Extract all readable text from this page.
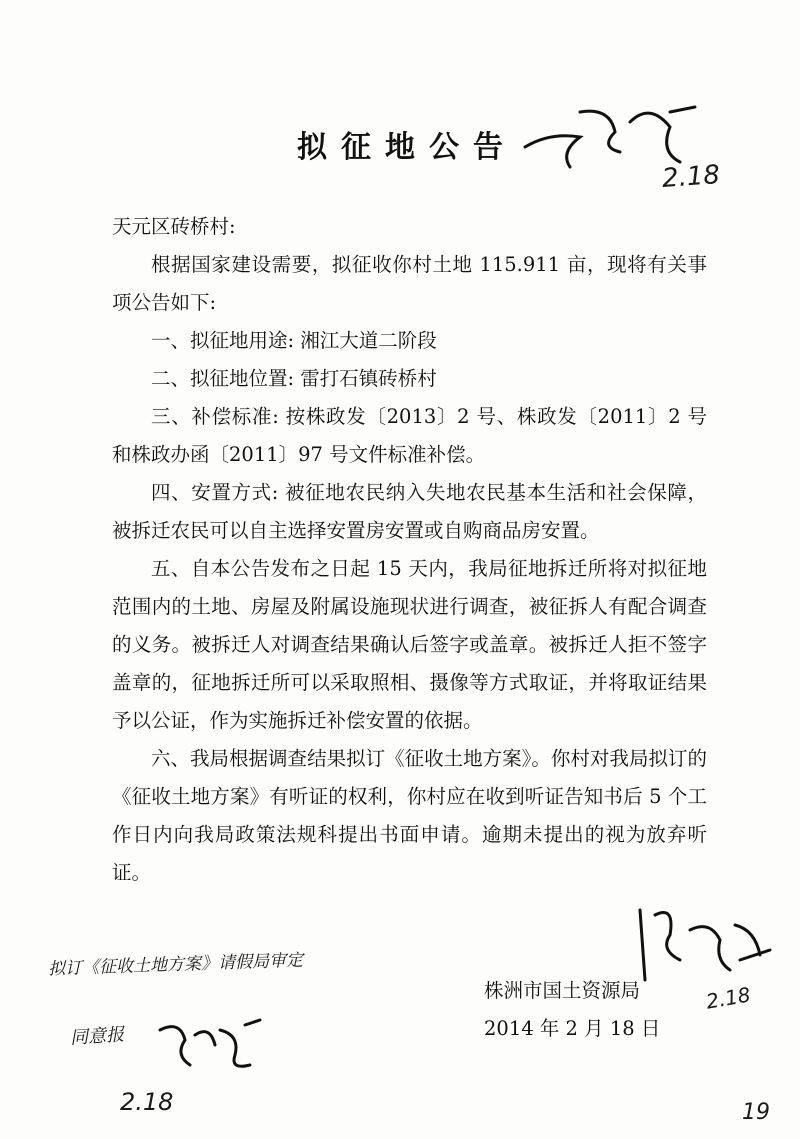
拟征地公告
2.18

天元区砖桥村:

根据国家建设需要，拟征收你村土地 115.911 亩，现将有关事项公告如下:

一、拟征地用途: 湘江大道二阶段

二、拟征地位置: 雷打石镇砖桥村

三、补偿标准: 按株政发〔2013〕2 号、株政发〔2011〕2 号和株政办函〔2011〕97 号文件标准补偿。

四、安置方式: 被征地农民纳入失地农民基本生活和社会保障，被拆迁农民可以自主选择安置房安置或自购商品房安置。

五、自本公告发布之日起 15 天内，我局征地拆迁所将对拟征地范围内的土地、房屋及附属设施现状进行调查，被征拆人有配合调查的义务。被拆迁人对调查结果确认后签字或盖章。被拆迁人拒不签字盖章的，征地拆迁所可以采取照相、摄像等方式取证，并将取证结果予以公证，作为实施拆迁补偿安置的依据。

六、我局根据调查结果拟订《征收土地方案》。你村对我局拟订的《征收土地方案》有听证的权利，你村应在收到听证告知书后 5 个工作日内向我局政策法规科提出书面申请。逾期未提出的视为放弃听证。

2.18
株洲市国土资源局
2014 年 2 月 18 日
拟订《征收土地方案》请假局审定
同意报
2.18	19
